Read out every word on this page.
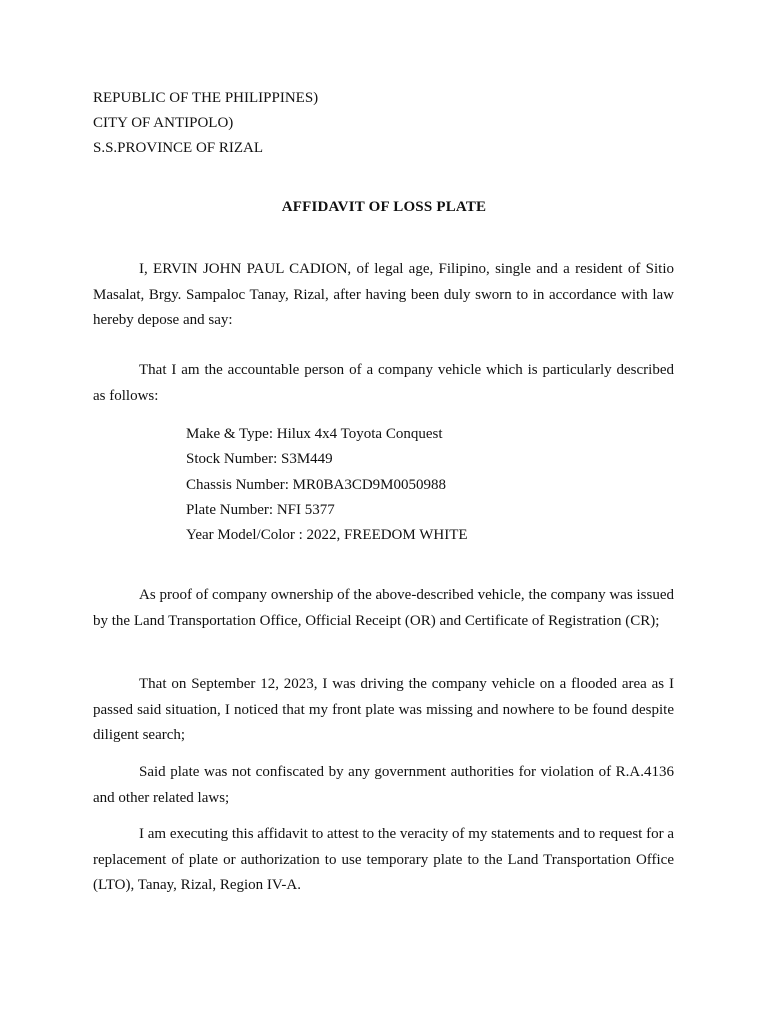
REPUBLIC OF THE PHILIPPINES)
CITY OF ANTIPOLO)
S.S.PROVINCE OF RIZAL
AFFIDAVIT OF LOSS PLATE

I, ERVIN JOHN PAUL CADION, of legal age, Filipino, single and a resident of Sitio Masalat, Brgy. Sampaloc Tanay, Rizal, after having been duly sworn to in accordance with law hereby depose and say:

That I am the accountable person of a company vehicle which is particularly described as follows:

Make & Type: Hilux 4x4 Toyota Conquest
Stock Number: S3M449
Chassis Number: MR0BA3CD9M0050988
Plate Number: NFI 5377
Year Model/Color : 2022, FREEDOM WHITE

As proof of company ownership of the above-described vehicle, the company was issued by the Land Transportation Office, Official Receipt (OR) and Certificate of Registration (CR);

That on September 12, 2023, I was driving the company vehicle on a flooded area as I passed said situation, I noticed that my front plate was missing and nowhere to be found despite diligent search;

Said plate was not confiscated by any government authorities for violation of R.A.4136 and other related laws;

I am executing this affidavit to attest to the veracity of my statements and to request for a replacement of plate or authorization to use temporary plate to the Land Transportation Office (LTO), Tanay, Rizal, Region IV-A.
